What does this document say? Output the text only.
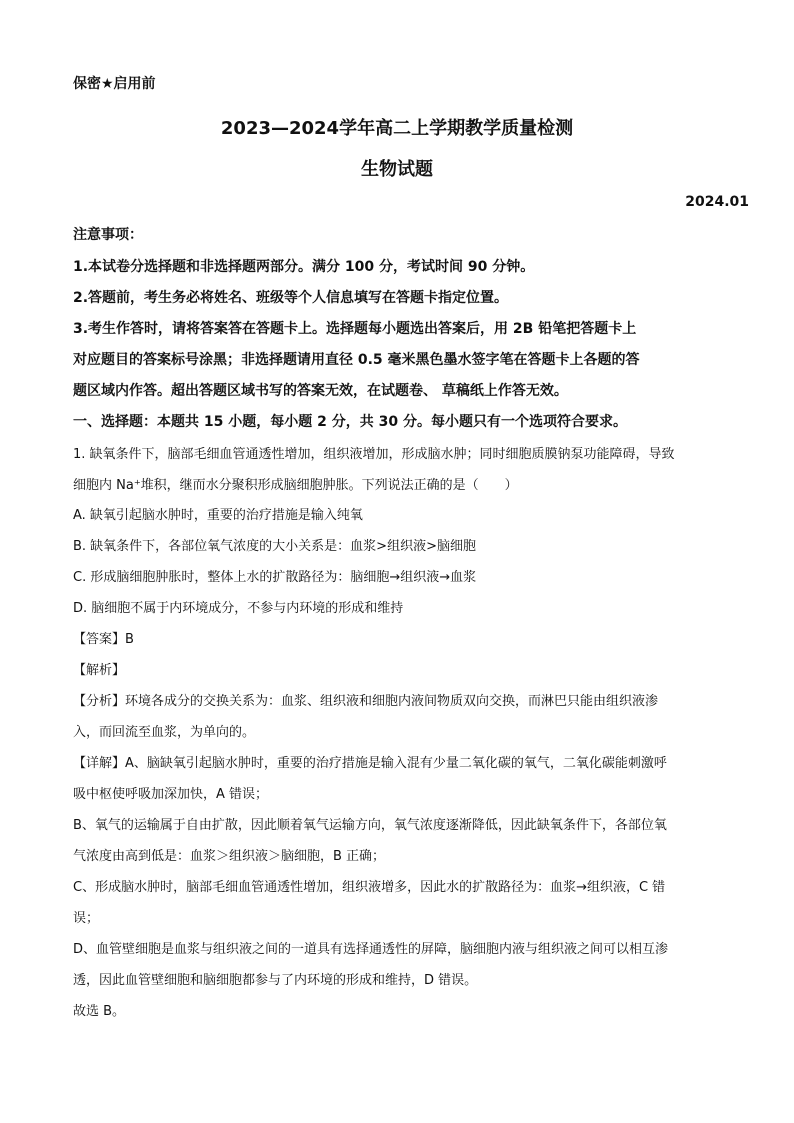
保密★启用前
2023—2024学年高二上学期教学质量检测
生物试题
2024.01
注意事项：
1.本试卷分选择题和非选择题两部分。满分 100 分，考试时间 90 分钟。
2.答题前，考生务必将姓名、班级等个人信息填写在答题卡指定位置。
3.考生作答时，请将答案答在答题卡上。选择题每小题选出答案后，用 2B 铅笔把答题卡上
对应题目的答案标号涂黑；非选择题请用直径 0.5 毫米黑色墨水签字笔在答题卡上各题的答
题区域内作答。超出答题区域书写的答案无效，在试题卷、 草稿纸上作答无效。
一、选择题：本题共 15 小题，每小题 2 分，共 30 分。每小题只有一个选项符合要求。
1. 缺氧条件下，脑部毛细血管通透性增加，组织液增加，形成脑水肿；同时细胞质膜钠泵功能障碍，导致
细胞内 Na⁺堆积，继而水分聚积形成脑细胞肿胀。下列说法正确的是（　　）
A. 缺氧引起脑水肿时，重要的治疗措施是输入纯氧
B. 缺氧条件下，各部位氧气浓度的大小关系是：血浆>组织液>脑细胞
C. 形成脑细胞肿胀时，整体上水的扩散路径为：脑细胞→组织液→血浆
D. 脑细胞不属于内环境成分，不参与内环境的形成和维持
【答案】B
【解析】
【分析】环境各成分的交换关系为：血浆、组织液和细胞内液间物质双向交换，而淋巴只能由组织液渗
入，而回流至血浆，为单向的。
【详解】A、脑缺氧引起脑水肿时，重要的治疗措施是输入混有少量二氧化碳的氧气，二氧化碳能刺激呼
吸中枢使呼吸加深加快，A 错误；
B、氧气的运输属于自由扩散，因此顺着氧气运输方向，氧气浓度逐渐降低，因此缺氧条件下，各部位氧
气浓度由高到低是：血浆＞组织液＞脑细胞，B 正确；
C、形成脑水肿时，脑部毛细血管通透性增加，组织液增多，因此水的扩散路径为：血浆→组织液，C 错
误；
D、血管壁细胞是血浆与组织液之间的一道具有选择通透性的屏障，脑细胞内液与组织液之间可以相互渗
透，因此血管壁细胞和脑细胞都参与了内环境的形成和维持，D 错误。
故选 B。
